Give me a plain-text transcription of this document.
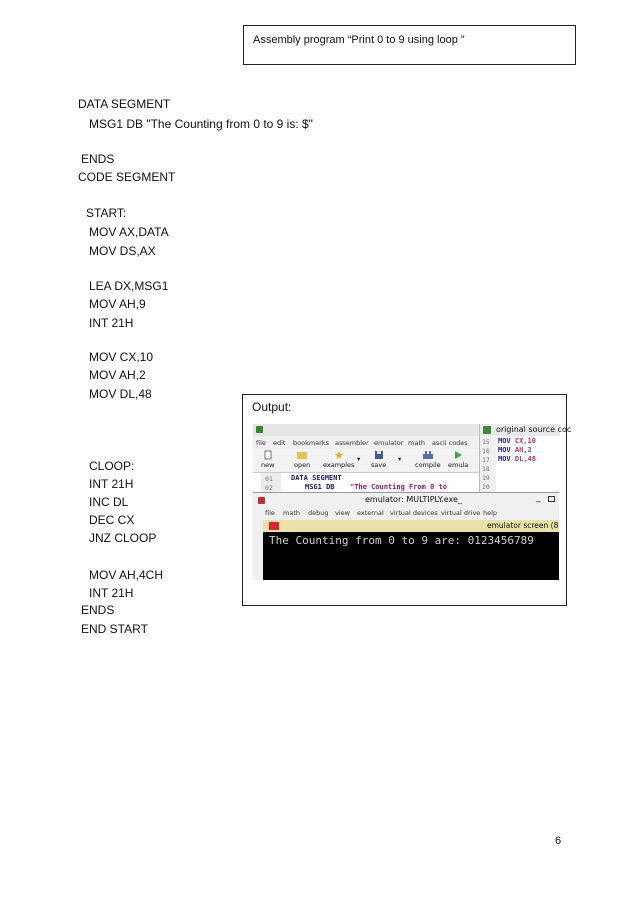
Assembly program “Print 0 to 9 using loop ”
DATA SEGMENT
MSG1 DB "The Counting from 0 to 9 is: $"
ENDS
CODE SEGMENT
START:
MOV AX,DATA
MOV DS,AX
LEA DX,MSG1
MOV AH,9
INT 21H
MOV CX,10
MOV AH,2
MOV DL,48
CLOOP:
INT 21H
INC DL
DEC CX
JNZ CLOOP
MOV AH,4CH
INT 21H
ENDS
END START
Output:
file edit bookmarks assembler emulator math ascii codes
new	open examples
▾
save
▾
compile emula
01
02
DATA SEGMENT
MSG1 DB "The Counting From 0 to
original source coc
15
16
17
18
19
20
MOV CX,10
MOV AH,2
MOV DL,48
emulator: MULTIPLY.exe_	_
file math debug view external virtual devices virtual drive help
emulator screen (8
The Counting from 0 to 9 are: 0123456789
6
